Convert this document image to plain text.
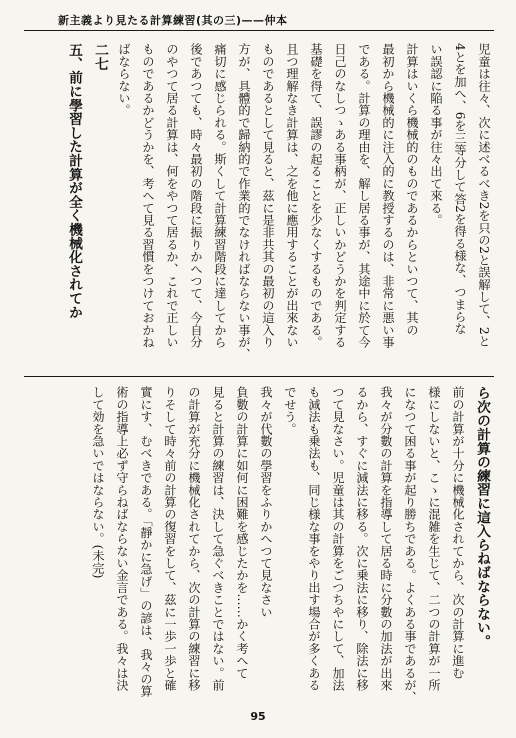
新主義より見たる計算練習(其の三)——仲本
児童は往々、次に述べるべき2を只の2と誤解して、2と
4とを加へ、6を三等分して答2を得る様な、つまらな
い誤認に陥る事が往々出て來る。
計算はいくら機械的のものであるからといつて、其の
最初から機械的に注入的に教授するのは、非常に悪い事
である。計算の理由を、解し居る事が、其途中に於て今
日己のなしつゝある事柄が、正しいかどうかを判定する
基礎を得て、誤謬の起ることを少なくするものである。
且つ理解なき計算は、之を他に應用することが出來ない
ものであるとして見ると、茲に是非共其の最初の這入り
方が、具體的で歸納的で作業的でなければならない事が、
痛切に感じられる。斯くして計算練習階段に達してから
後であつても、時々最初の階段に振りかへつて、今自分
のやつて居る計算は、何をやつて居るか、これで正しい
ものであるかどうかを、考へて見る習慣をつけておかね
ばならない。
二七
五、前に學習した計算が全く機械化されてか
ら次の計算の練習に這入らねばならない。
前の計算が十分に機械化されてから、次の計算に進む
様にしないと、こゝに混雑を生じて、二つの計算が一所
になつて困る事が起り勝ちである。よくある事であるが、
我々が分數の計算を指導して居る時に分數の加法が出來
るから、すぐに減法に移る。次に乗法に移り、除法に移
つて見なさい。児童は其の計算をごつちやにして、加法
も減法も乗法も、同じ様な事をやり出す場合が多くある
でせう。
我々が代數の學習をふりかへつて見なさい
負數の計算に如何に困難を感じたかを……かく考へて
見ると計算の練習は、決して急ぐべきことではない。前
の計算が充分に機械化されてから、次の計算の練習に移
りそして時々前の計算の復習をして、茲に一歩一歩と確
實にす、むべきである。「靜かに急げ」の諺は、我々の算
術の指導上必ず守らねばならない金言である。我々は決
して効を急いではならない。(未完)
95
